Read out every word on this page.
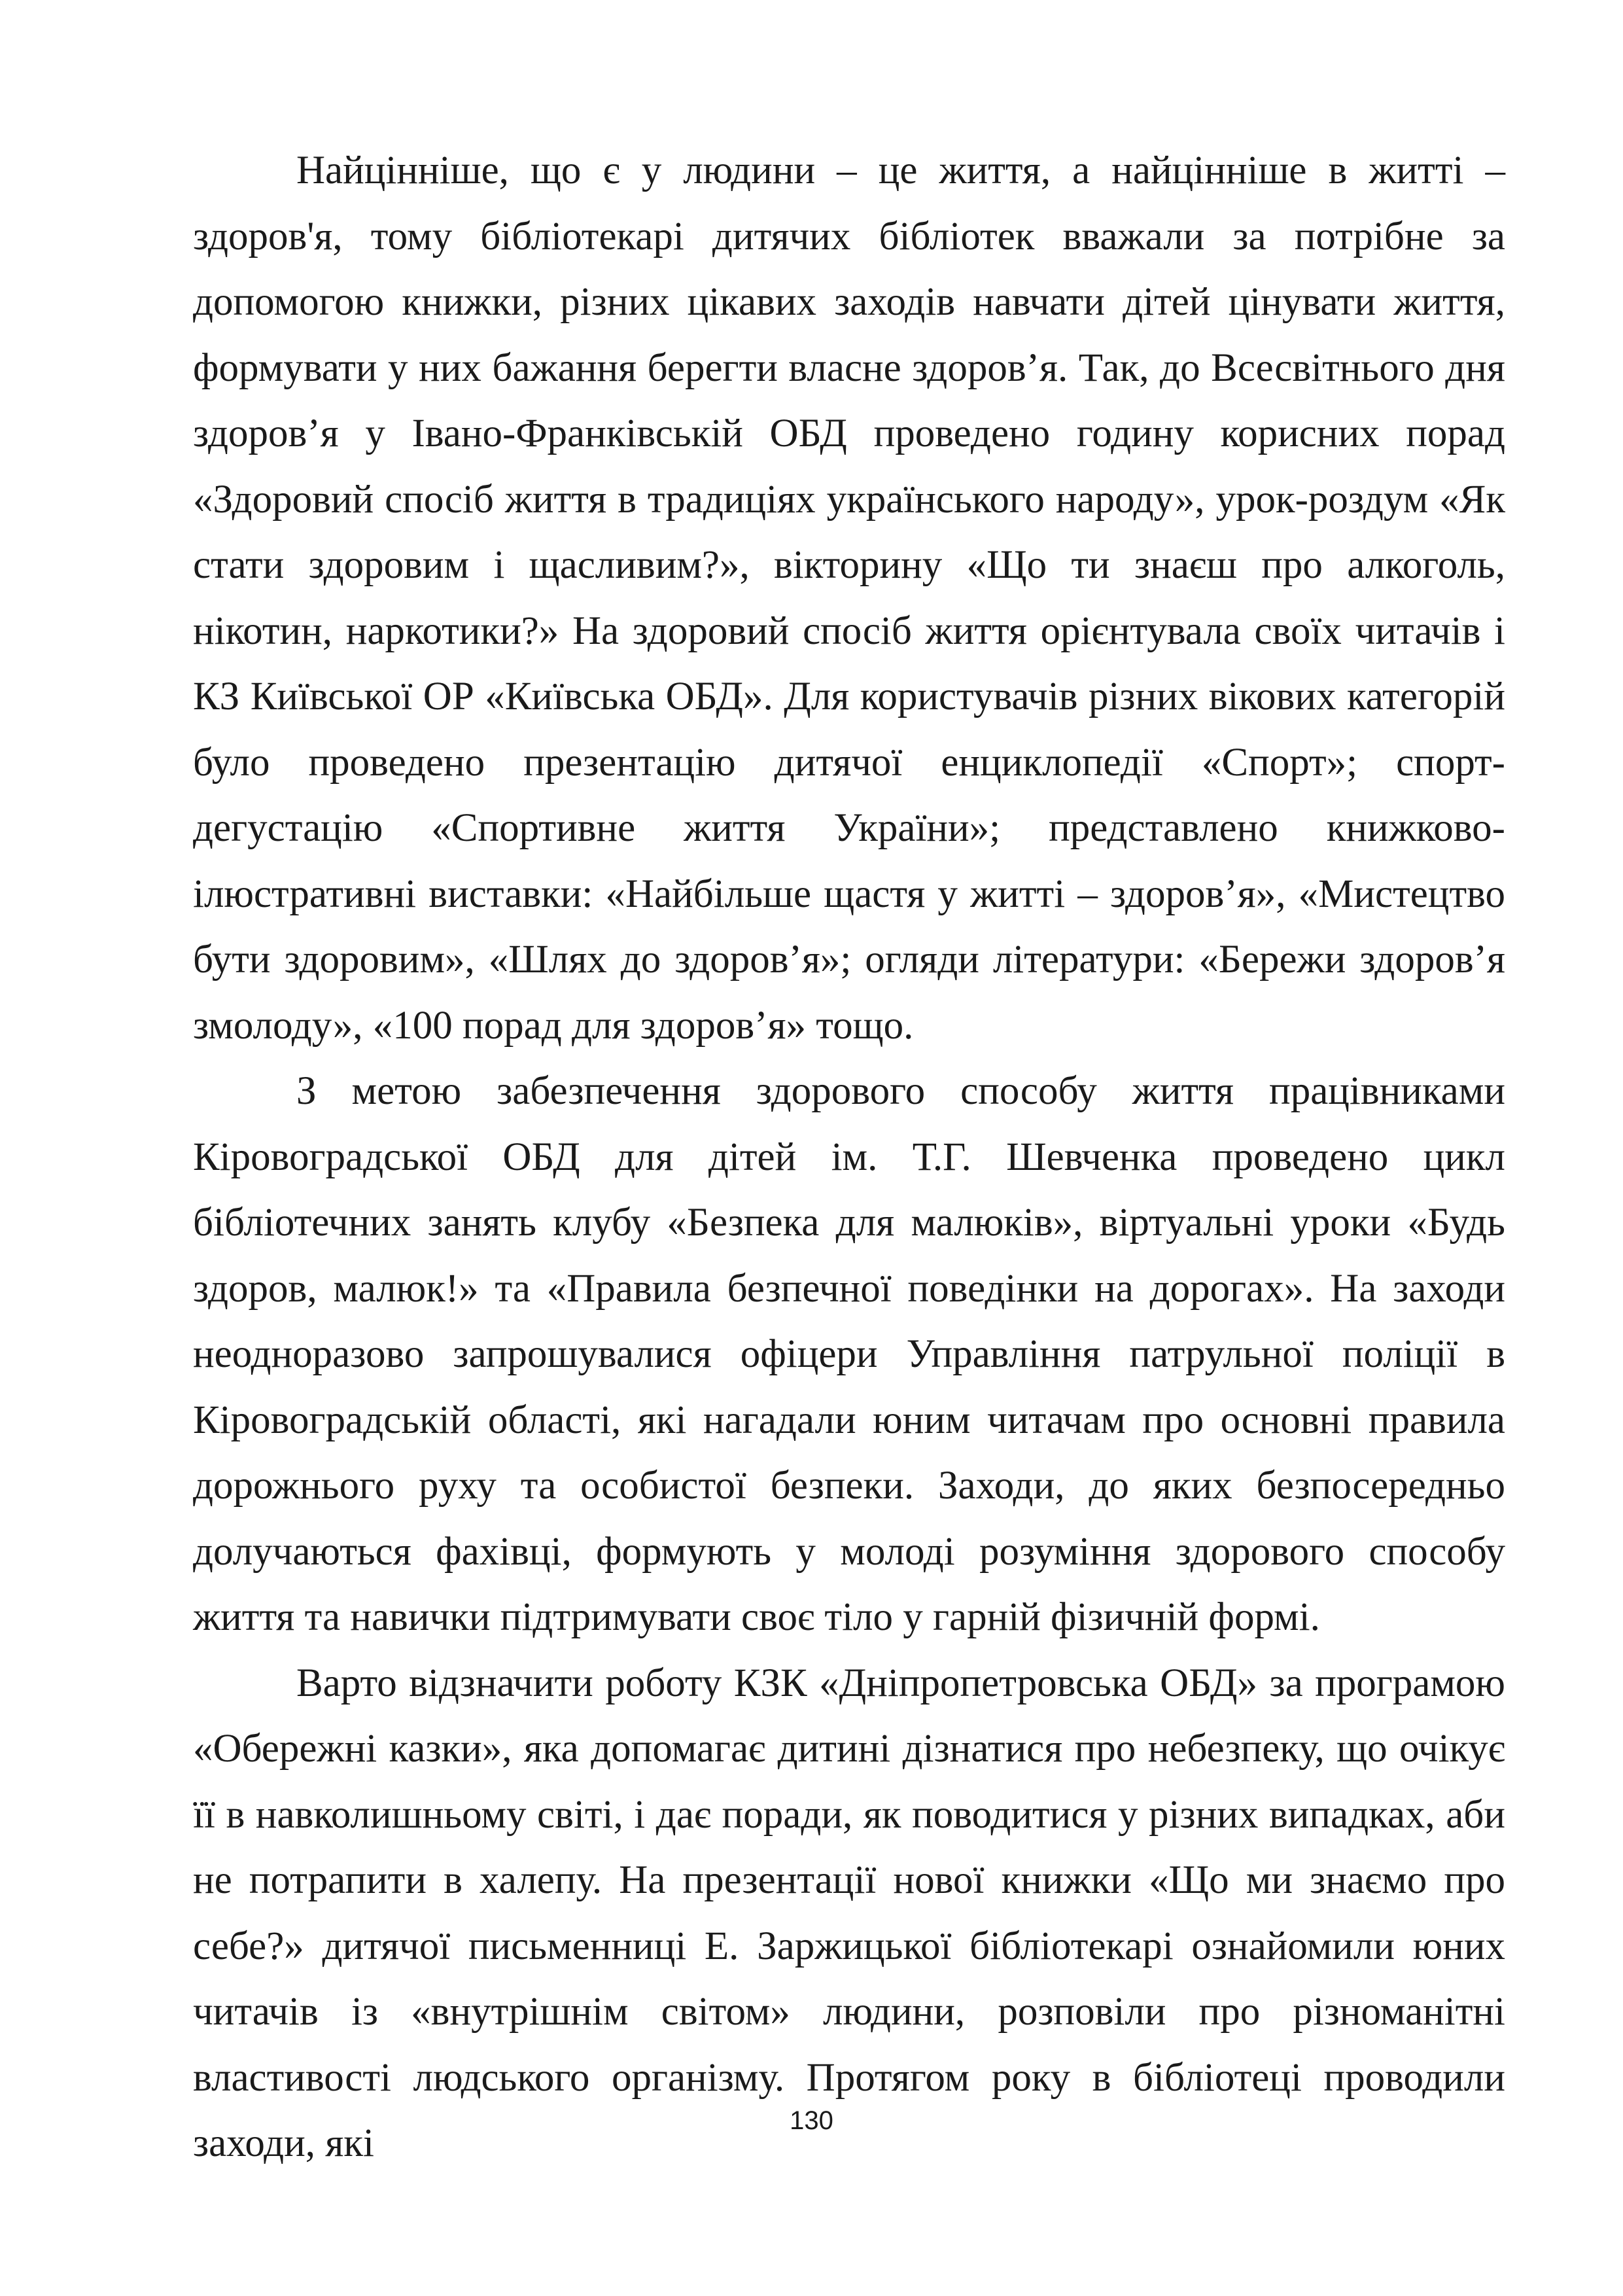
Найцінніше, що є у людини – це життя, а найцінніше в житті – здоров'я, тому бібліотекарі дитячих бібліотек вважали за потрібне за допомогою книжки, різних цікавих заходів навчати дітей цінувати життя, формувати у них бажання берегти власне здоров’я. Так, до Всесвітнього дня здоров’я у Івано-Франківській ОБД проведено годину корисних порад «Здоровий спосіб життя в традиціях українського народу», урок-роздум «Як стати здоровим і щасливим?», вікторину «Що ти знаєш про алкоголь, нікотин, наркотики?» На здоровий спосіб життя орієнтувала своїх читачів і КЗ Київської ОР «Київська ОБД». Для користувачів різних вікових категорій було проведено презентацію дитячої енциклопедії «Спорт»; спорт-дегустацію «Спортивне життя України»; представлено книжково-ілюстративні виставки: «Найбільше щастя у житті – здоров’я», «Мистецтво бути здоровим», «Шлях до здоров’я»; огляди літератури: «Бережи здоров’я змолоду», «100 порад для здоров’я» тощо.

З метою забезпечення здорового способу життя працівниками Кіровоградської ОБД для дітей ім. Т.Г. Шевченка проведено цикл бібліотечних занять клубу «Безпека для малюків», віртуальні уроки «Будь здоров, малюк!» та «Правила безпечної поведінки на дорогах». На заходи неодноразово запрошувалися офіцери Управління патрульної поліції в Кіровоградській області, які нагадали юним читачам про основні правила дорожнього руху та особистої безпеки. Заходи, до яких безпосередньо долучаються фахівці, формують у молоді розуміння здорового способу життя та навички підтримувати своє тіло у гарній фізичній формі.

Варто відзначити роботу КЗК «Дніпропетровська ОБД» за програмою «Обережні казки», яка допомагає дитині дізнатися про небезпеку, що очікує її в навколишньому світі, і дає поради, як поводитися у різних випадках, аби не потрапити в халепу. На презентації нової книжки «Що ми знаємо про себе?» дитячої письменниці Е. Заржицької бібліотекарі ознайомили юних читачів із «внутрішнім світом» людини, розповіли про різноманітні властивості людського організму. Протягом року в бібліотеці проводили заходи, які

130
